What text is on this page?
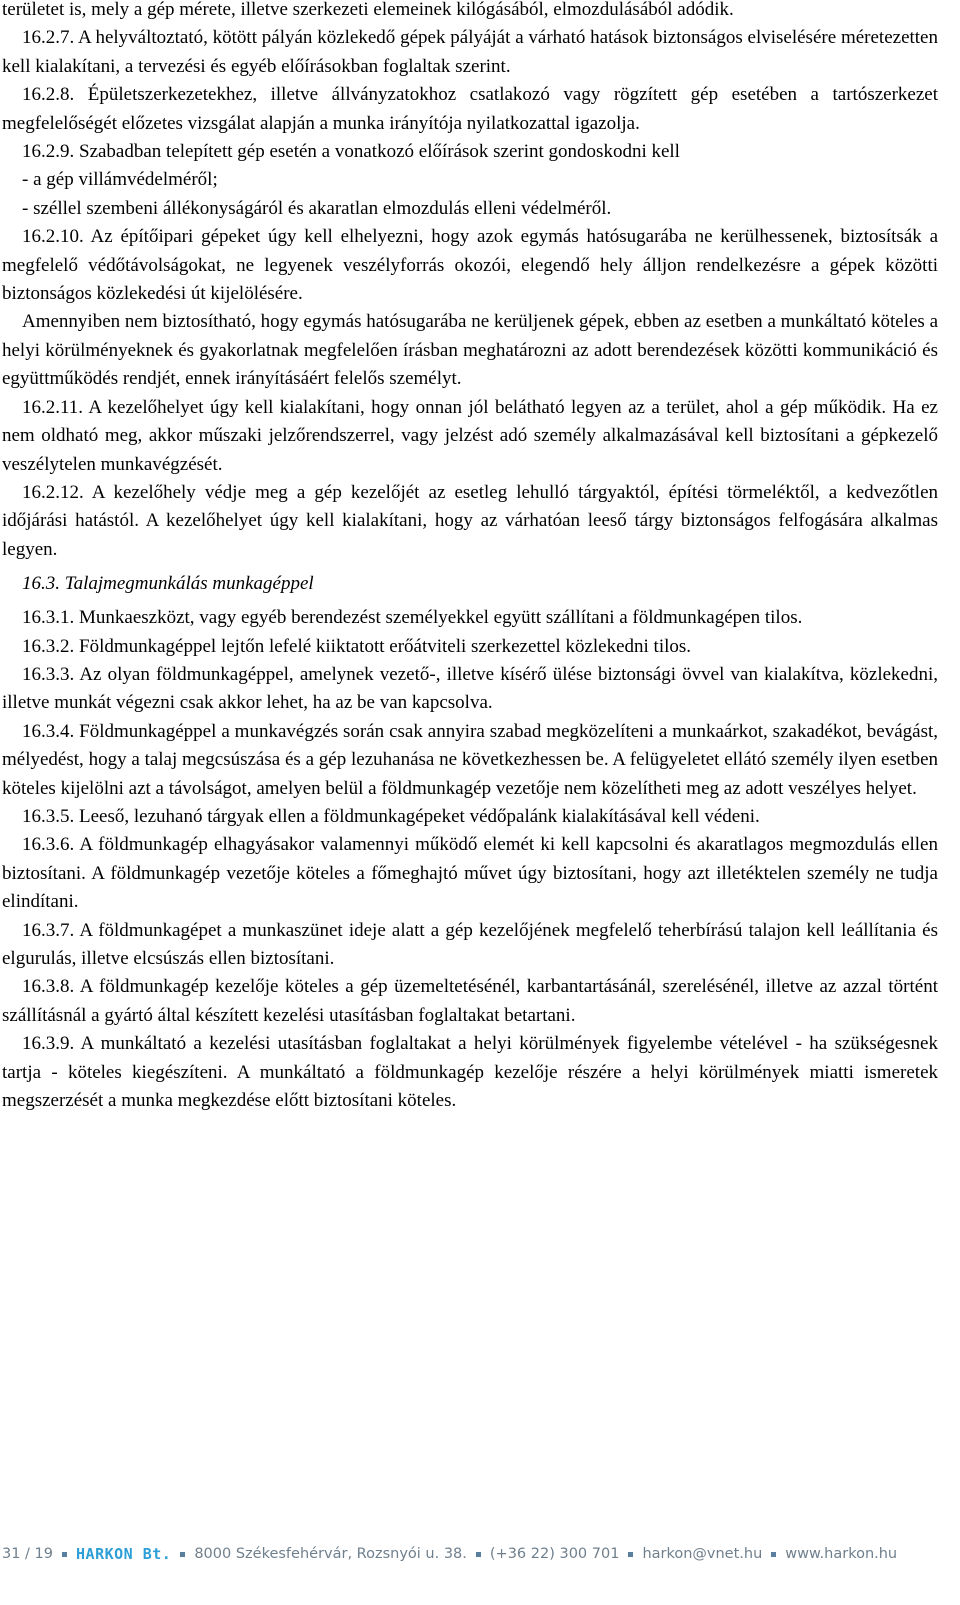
területet is, mely a gép mérete, illetve szerkezeti elemeinek kilógásából, elmozdulásából adódik.

16.2.7. A helyváltoztató, kötött pályán közlekedő gépek pályáját a várható hatások biztonságos elviselésére méretezetten kell kialakítani, a tervezési és egyéb előírásokban foglaltak szerint.

16.2.8. Épületszerkezetekhez, illetve állványzatokhoz csatlakozó vagy rögzített gép esetében a tartószerkezet megfelelőségét előzetes vizsgálat alapján a munka irányítója nyilatkozattal igazolja.

16.2.9. Szabadban telepített gép esetén a vonatkozó előírások szerint gondoskodni kell

- a gép villámvédelméről;

- széllel szembeni állékonyságáról és akaratlan elmozdulás elleni védelméről.

16.2.10. Az építőipari gépeket úgy kell elhelyezni, hogy azok egymás hatósugarába ne kerülhessenek, biztosítsák a megfelelő védőtávolságokat, ne legyenek veszélyforrás okozói, elegendő hely álljon rendelkezésre a gépek közötti biztonságos közlekedési út kijelölésére.

Amennyiben nem biztosítható, hogy egymás hatósugarába ne kerüljenek gépek, ebben az esetben a munkáltató köteles a helyi körülményeknek és gyakorlatnak megfelelően írásban meghatározni az adott berendezések közötti kommunikáció és együttműködés rendjét, ennek irányításáért felelős személyt.

16.2.11. A kezelőhelyet úgy kell kialakítani, hogy onnan jól belátható legyen az a terület, ahol a gép működik. Ha ez nem oldható meg, akkor műszaki jelzőrendszerrel, vagy jelzést adó személy alkalmazásával kell biztosítani a gépkezelő veszélytelen munkavégzését.

16.2.12. A kezelőhely védje meg a gép kezelőjét az esetleg lehulló tárgyaktól, építési törmeléktől, a kedvezőtlen időjárási hatástól. A kezelőhelyet úgy kell kialakítani, hogy az várhatóan leeső tárgy biztonságos felfogására alkalmas legyen.

16.3. Talajmegmunkálás munkagéppel

16.3.1. Munkaeszközt, vagy egyéb berendezést személyekkel együtt szállítani a földmunkagépen tilos.

16.3.2. Földmunkagéppel lejtőn lefelé kiiktatott erőátviteli szerkezettel közlekedni tilos.

16.3.3. Az olyan földmunkagéppel, amelynek vezető-, illetve kísérő ülése biztonsági övvel van kialakítva, közlekedni, illetve munkát végezni csak akkor lehet, ha az be van kapcsolva.

16.3.4. Földmunkagéppel a munkavégzés során csak annyira szabad megközelíteni a munkaárkot, szakadékot, bevágást, mélyedést, hogy a talaj megcsúszása és a gép lezuhanása ne következhessen be. A felügyeletet ellátó személy ilyen esetben köteles kijelölni azt a távolságot, amelyen belül a földmunkagép vezetője nem közelítheti meg az adott veszélyes helyet.

16.3.5. Leeső, lezuhanó tárgyak ellen a földmunkagépeket védőpalánk kialakításával kell védeni.

16.3.6. A földmunkagép elhagyásakor valamennyi működő elemét ki kell kapcsolni és akaratlagos megmozdulás ellen biztosítani. A földmunkagép vezetője köteles a főmeghajtó művet úgy biztosítani, hogy azt illetéktelen személy ne tudja elindítani.

16.3.7. A földmunkagépet a munkaszünet ideje alatt a gép kezelőjének megfelelő teherbírású talajon kell leállítania és elgurulás, illetve elcsúszás ellen biztosítani.

16.3.8. A földmunkagép kezelője köteles a gép üzemeltetésénél, karbantartásánál, szerelésénél, illetve az azzal történt szállításnál a gyártó által készített kezelési utasításban foglaltakat betartani.

16.3.9. A munkáltató a kezelési utasításban foglaltakat a helyi körülmények figyelembe vételével - ha szükségesnek tartja - köteles kiegészíteni. A munkáltató a földmunkagép kezelője részére a helyi körülmények miatti ismeretek megszerzését a munka megkezdése előtt biztosítani köteles.

31 / 19 HARKON Bt. 8000 Székesfehérvár, Rozsnyói u. 38. (+36 22) 300 701 harkon@vnet.hu www.harkon.hu
